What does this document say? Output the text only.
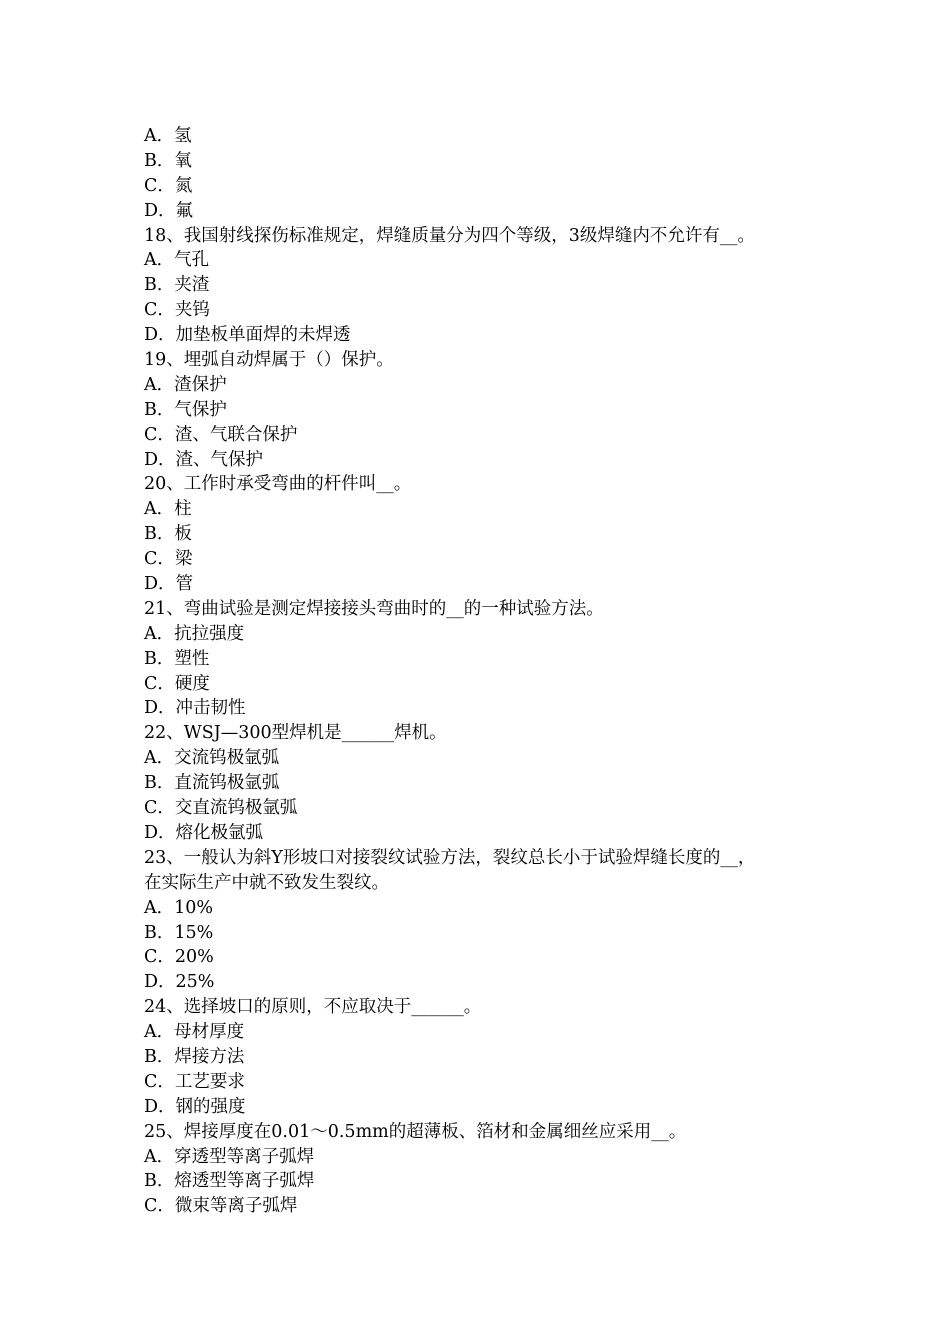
A．氢
B．氧
C．氮
D．氟
18、我国射线探伤标准规定，焊缝质量分为四个等级，3级焊缝内不允许有__。
A．气孔
B．夹渣
C．夹钨
D．加垫板单面焊的未焊透
19、埋弧自动焊属于（）保护。
A．渣保护
B．气保护
C．渣、气联合保护
D．渣、气保护
20、工作时承受弯曲的杆件叫__。
A．柱
B．板
C．梁
D．管
21、弯曲试验是测定焊接接头弯曲时的__的一种试验方法。
A．抗拉强度
B．塑性
C．硬度
D．冲击韧性
22、WSJ—300型焊机是______焊机。
A．交流钨极氩弧
B．直流钨极氩弧
C．交直流钨极氩弧
D．熔化极氩弧
23、一般认为斜Y形坡口对接裂纹试验方法，裂纹总长小于试验焊缝长度的__，
在实际生产中就不致发生裂纹。
A．10%
B．15%
C．20%
D．25%
24、选择坡口的原则，不应取决于______。
A．母材厚度
B．焊接方法
C．工艺要求
D．钢的强度
25、焊接厚度在0.01～0.5mm的超薄板、箔材和金属细丝应采用__。
A．穿透型等离子弧焊
B．熔透型等离子弧焊
C．微束等离子弧焊
